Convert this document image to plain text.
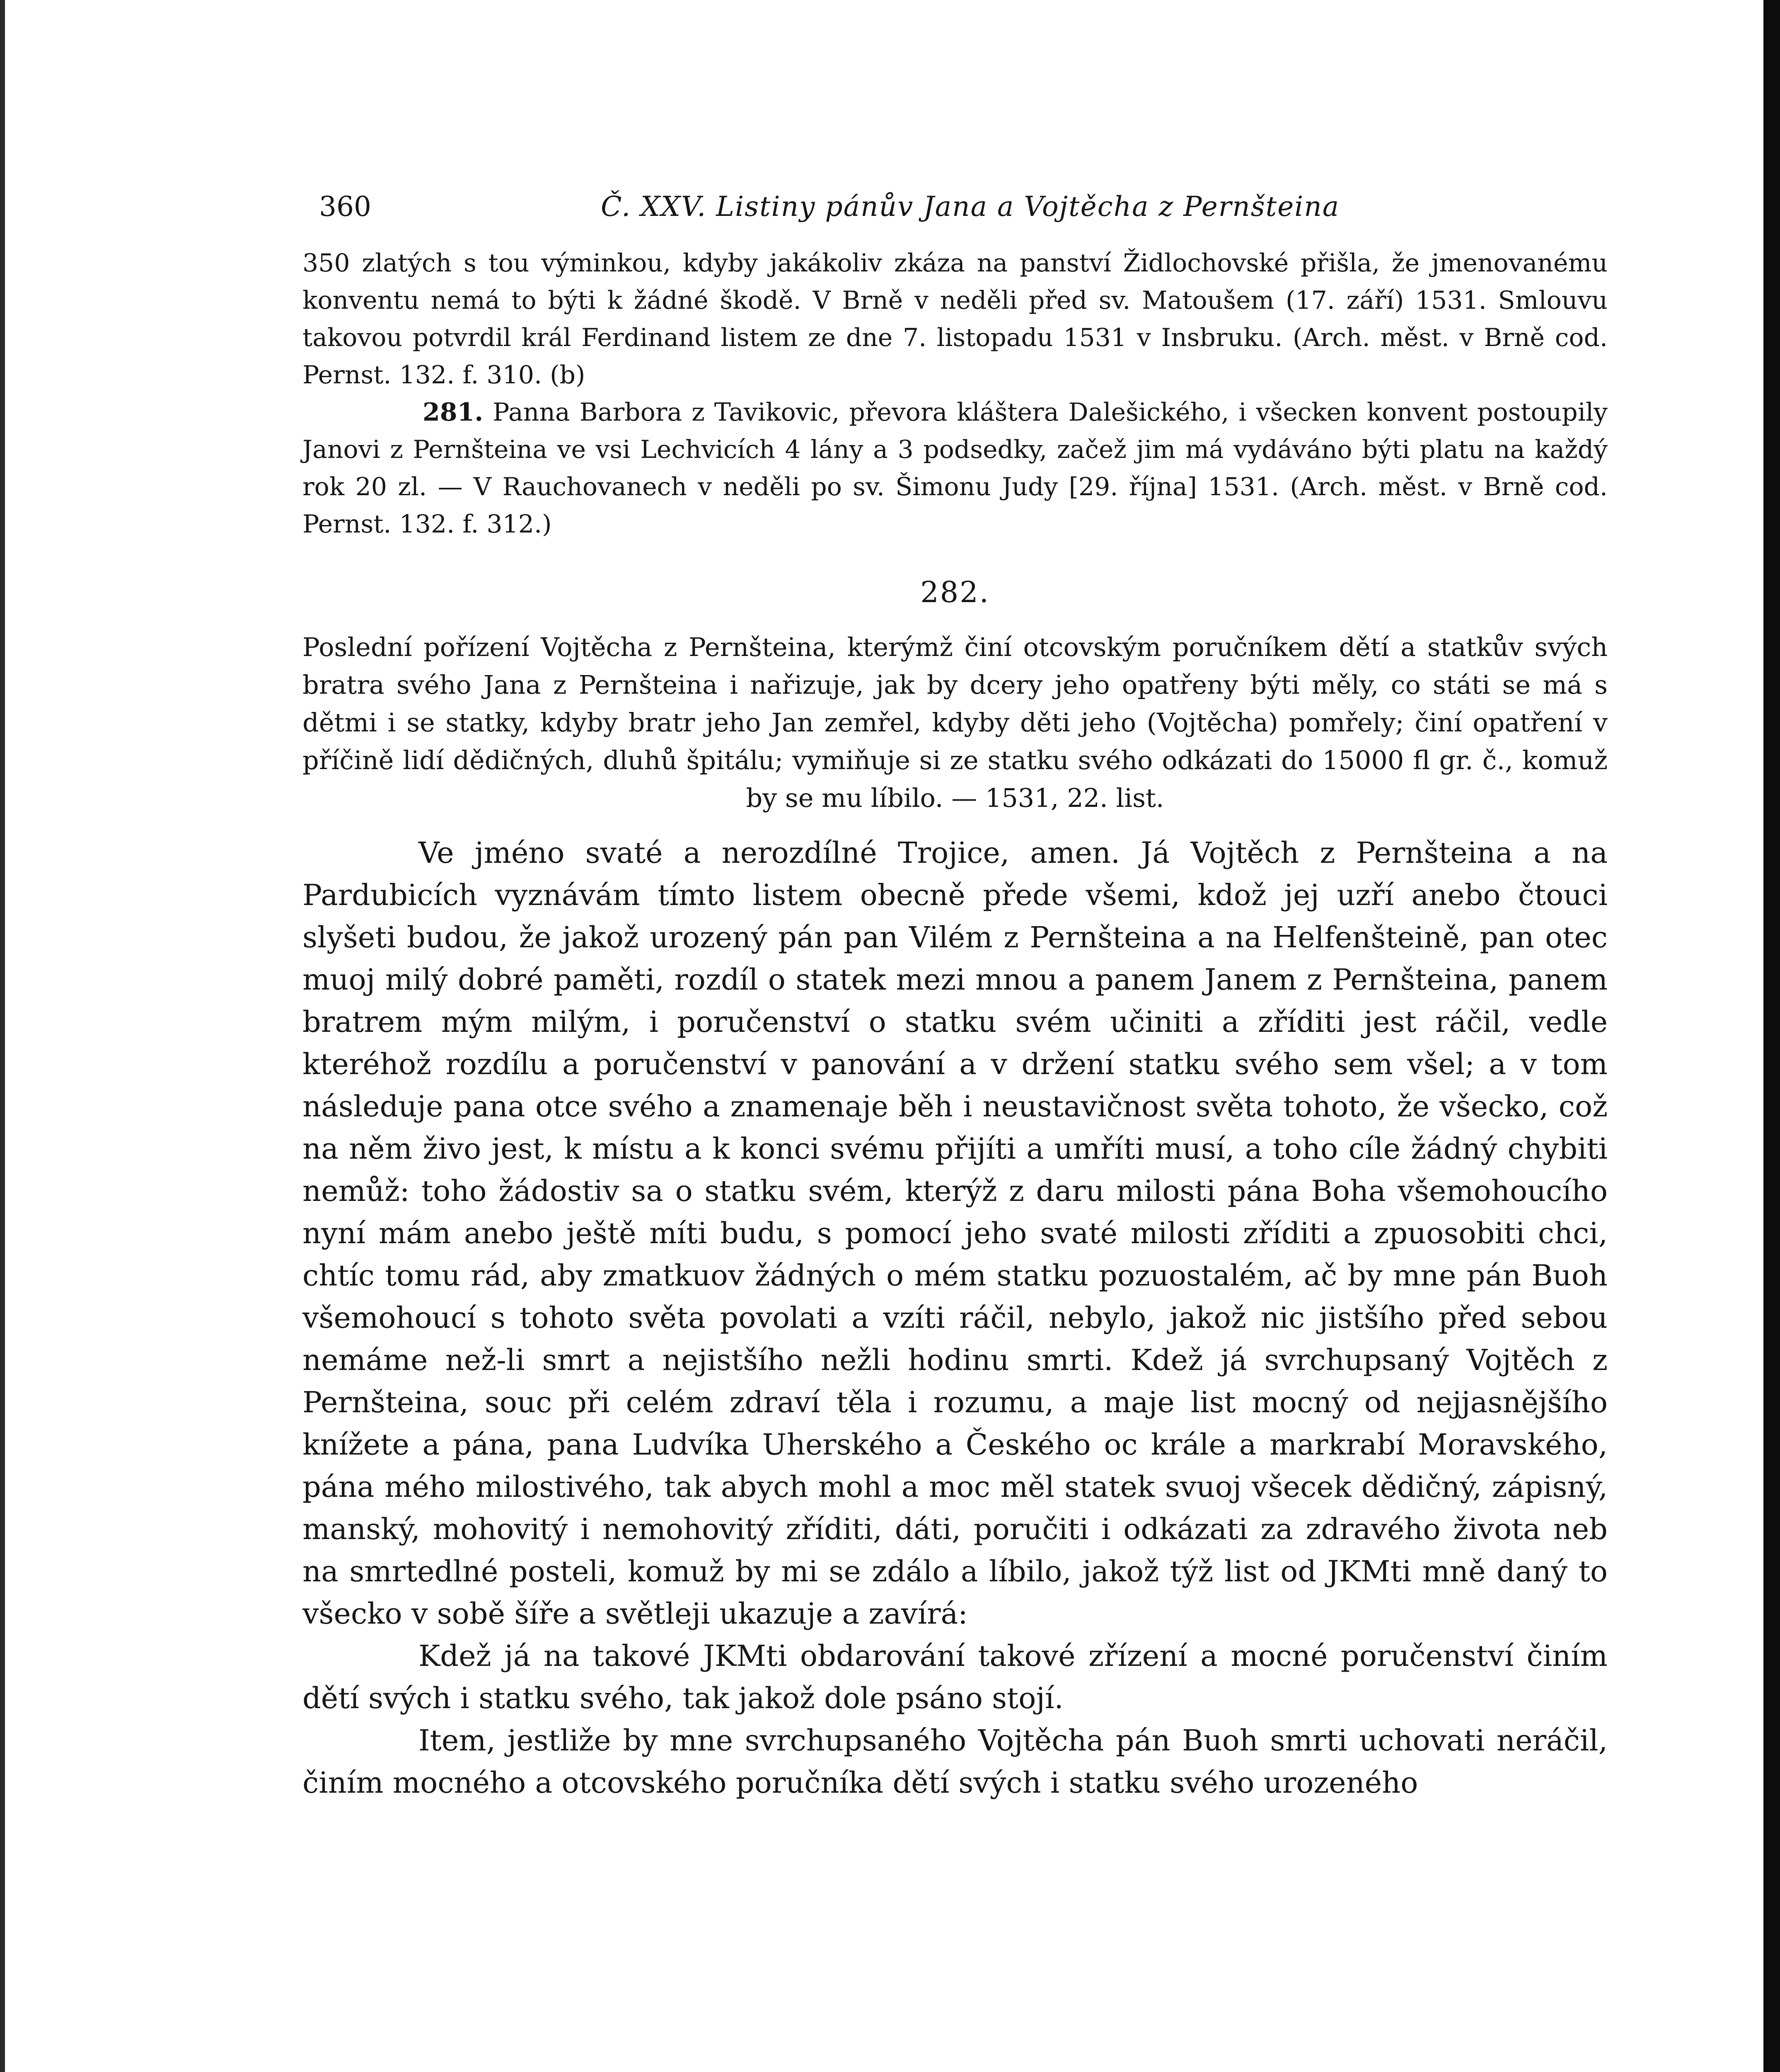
360	Č. XXV. Listiny pánův Jana a Vojtěcha z Pernšteina

350 zlatých s tou výminkou, kdyby jakákoliv zkáza na panství Židlochovské přišla, že jmenovanému konventu nemá to býti k žádné škodě. V Brně v neděli před sv. Matoušem (17. září) 1531. Smlouvu takovou potvrdil král Ferdinand listem ze dne 7. listopadu 1531 v Insbruku. (Arch. měst. v Brně cod. Pernst. 132. f. 310. (b)

281. Panna Barbora z Tavikovic, převora kláštera Dalešického, i všecken konvent postoupily Janovi z Pernšteina ve vsi Lechvicích 4 lány a 3 podsedky, začež jim má vydáváno býti platu na každý rok 20 zl. — V Rauchovanech v neděli po sv. Šimonu Judy [29. října] 1531. (Arch. měst. v Brně cod. Pernst. 132. f. 312.)

282.

Poslední pořízení Vojtěcha z Pernšteina, kterýmž činí otcovským poručníkem dětí a statkův svých bratra svého Jana z Pernšteina i nařizuje, jak by dcery jeho opatřeny býti měly, co státi se má s dětmi i se statky, kdyby bratr jeho Jan zemřel, kdyby děti jeho (Vojtěcha) pomřely; činí opatření v příčině lidí dědičných, dluhů špitálu; vymiňuje si ze statku svého odkázati do 15000 fl gr. č., komuž by se mu líbilo. — 1531, 22. list.

Ve jméno svaté a nerozdílné Trojice, amen. Já Vojtěch z Pernšteina a na Pardubicích vyznávám tímto listem obecně přede všemi, kdož jej uzří anebo čtouci slyšeti budou, že jakož urozený pán pan Vilém z Pernšteina a na Helfenšteině, pan otec muoj milý dobré paměti, rozdíl o statek mezi mnou a panem Janem z Pernšteina, panem bratrem mým milým, i poručenství o statku svém učiniti a zříditi jest ráčil, vedle kteréhož rozdílu a poručenství v panování a v držení statku svého sem všel; a v tom následuje pana otce svého a znamenaje běh i neustavičnost světa tohoto, že všecko, což na něm živo jest, k místu a k konci svému přijíti a umříti musí, a toho cíle žádný chybiti nemůž: toho žádostiv sa o statku svém, kterýž z daru milosti pána Boha všemohoucího nyní mám anebo ještě míti budu, s pomocí jeho svaté milosti zříditi a zpuosobiti chci, chtíc tomu rád, aby zmatkuov žádných o mém statku pozuostalém, ač by mne pán Buoh všemohoucí s tohoto světa povolati a vzíti ráčil, nebylo, jakož nic jistšího před sebou nemáme než-li smrt a nejistšího nežli hodinu smrti. Kdež já svrchupsaný Vojtěch z Pernšteina, souc při celém zdraví těla i rozumu, a maje list mocný od nejjasnějšího knížete a pána, pana Ludvíka Uherského a Českého oc krále a markrabí Moravského, pána mého milostivého, tak abych mohl a moc měl statek svuoj všecek dědičný, zápisný, manský, mohovitý i nemohovitý zříditi, dáti, poručiti i odkázati za zdravého života neb na smrtedlné posteli, komuž by mi se zdálo a líbilo, jakož týž list od JKMti mně daný to všecko v sobě šíře a světleji ukazuje a zavírá:

Kdež já na takové JKMti obdarování takové zřízení a mocné poručenství činím dětí svých i statku svého, tak jakož dole psáno stojí.

Item, jestliže by mne svrchupsaného Vojtěcha pán Buoh smrti uchovati neráčil, činím mocného a otcovského poručníka dětí svých i statku svého urozeného
